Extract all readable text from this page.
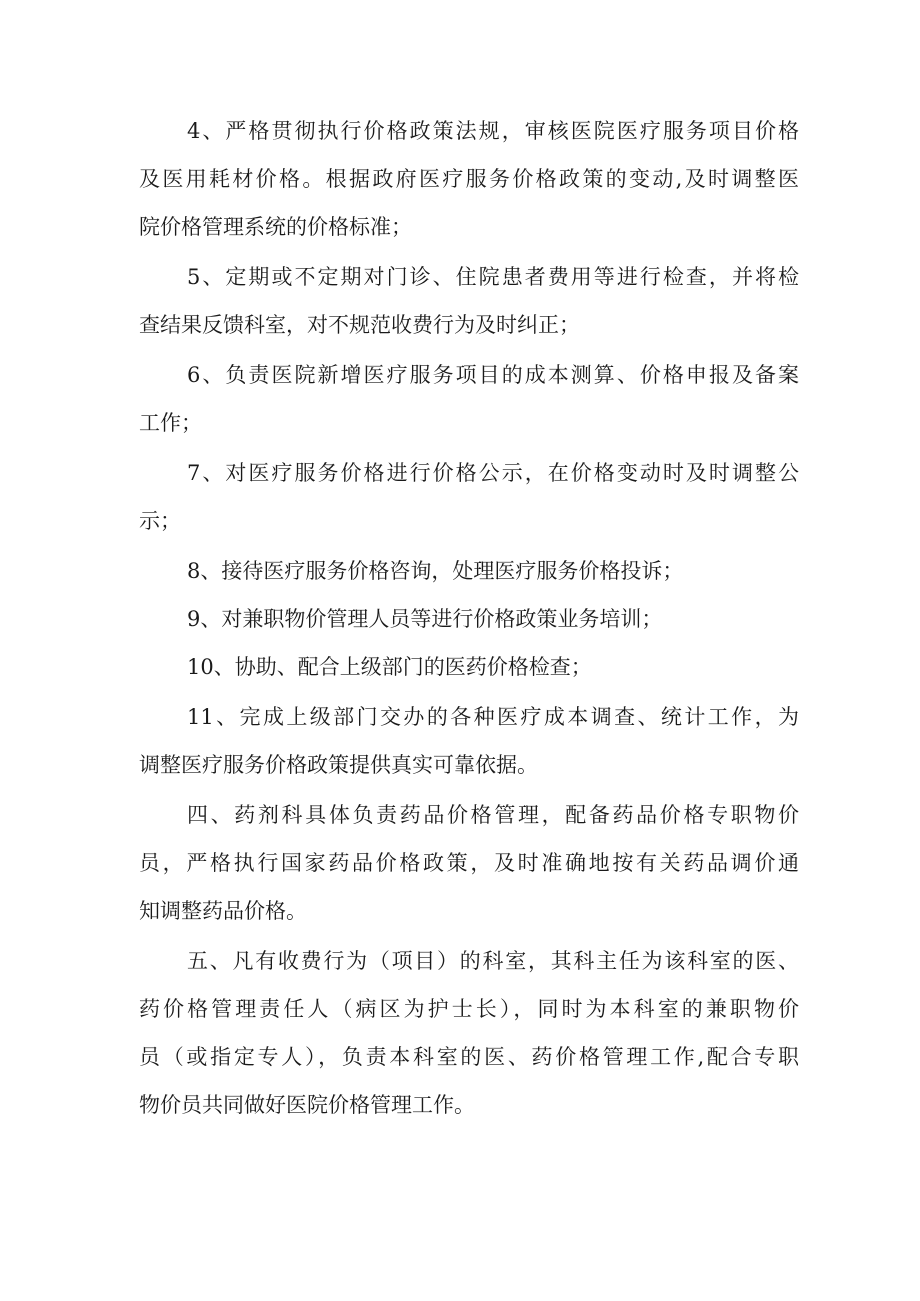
4、严格贯彻执行价格政策法规，审核医院医疗服务项目价格

及医用耗材价格。根据政府医疗服务价格政策的变动,及时调整医

院价格管理系统的价格标准；

5、定期或不定期对门诊、住院患者费用等进行检查，并将检

查结果反馈科室，对不规范收费行为及时纠正；

6、负责医院新增医疗服务项目的成本测算、价格申报及备案

工作；

7、对医疗服务价格进行价格公示，在价格变动时及时调整公

示；

8、接待医疗服务价格咨询，处理医疗服务价格投诉；

9、对兼职物价管理人员等进行价格政策业务培训；

10、协助、配合上级部门的医药价格检查；

11、完成上级部门交办的各种医疗成本调查、统计工作，为

调整医疗服务价格政策提供真实可靠依据。

四、药剂科具体负责药品价格管理，配备药品价格专职物价

员，严格执行国家药品价格政策，及时准确地按有关药品调价通

知调整药品价格。

五、凡有收费行为（项目）的科室，其科主任为该科室的医、

药价格管理责任人（病区为护士长），同时为本科室的兼职物价

员（或指定专人），负责本科室的医、药价格管理工作,配合专职

物价员共同做好医院价格管理工作。
